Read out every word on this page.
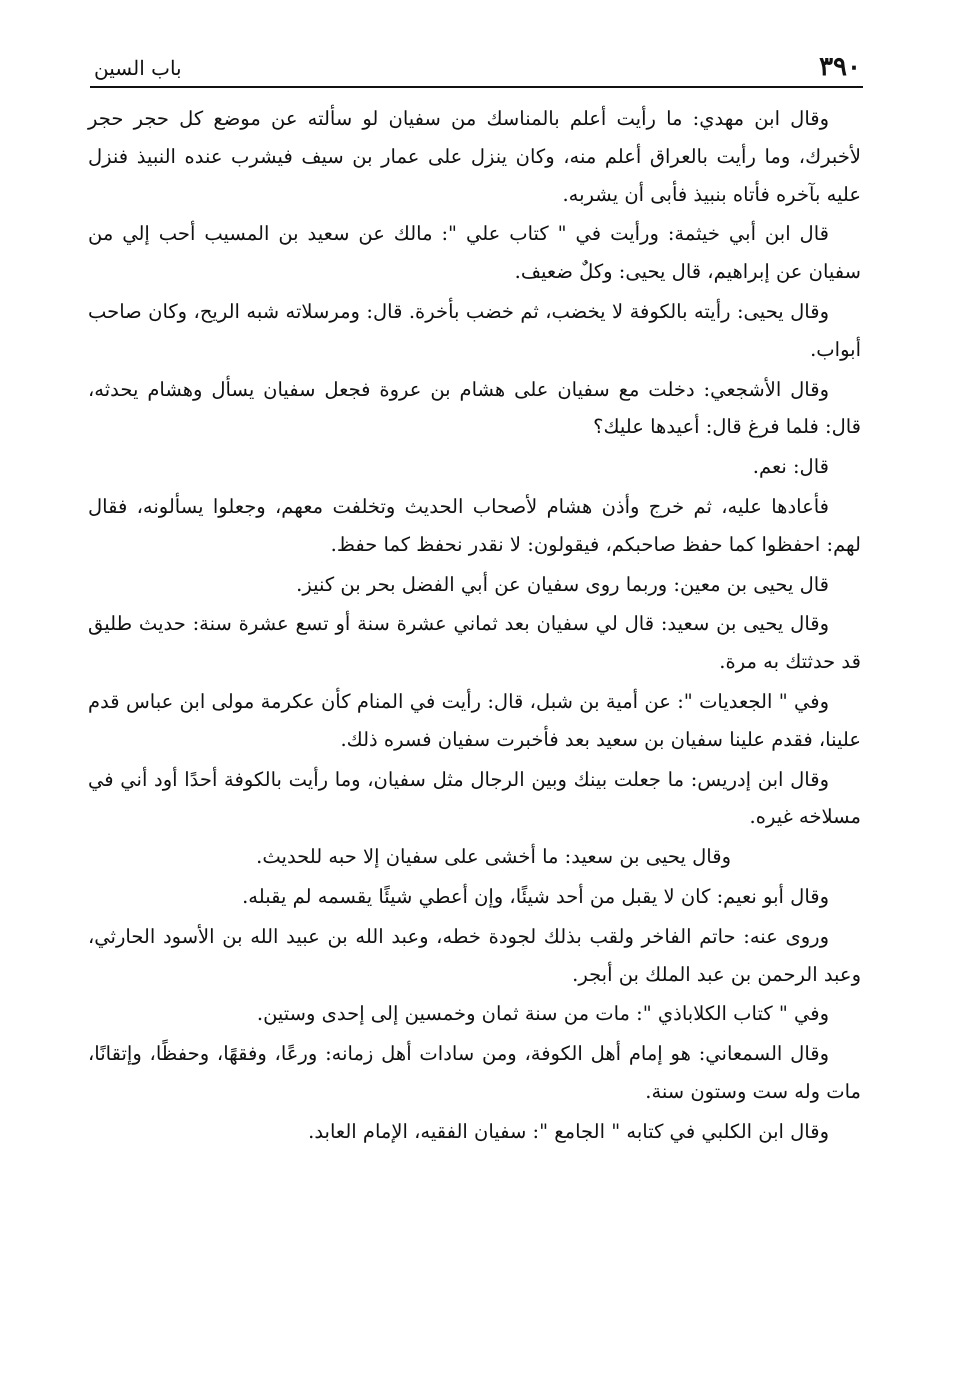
٣٩٠
باب السين

وقال ابن مهدي: ما رأيت أعلم بالمناسك من سفيان لو سألته عن موضع كل حجر حجر لأخبرك، وما رأيت بالعراق أعلم منه، وكان ينزل على عمار بن سيف فيشرب عنده النبيذ فنزل عليه بآخره فأتاه بنبيذ فأبى أن يشربه.

قال ابن أبي خيثمة: ورأيت في " كتاب علي ": مالك عن سعيد بن المسيب أحب إلي من سفيان عن إبراهيم، قال يحيى: وكلٌ ضعيف.

وقال يحيى: رأيته بالكوفة لا يخضب، ثم خضب بأخرة. قال: ومرسلاته شبه الريح، وكان صاحب أبواب.

وقال الأشجعي: دخلت مع سفيان على هشام بن عروة فجعل سفيان يسأل وهشام يحدثه، قال: فلما فرغ قال: أعيدها عليك؟

قال: نعم.

فأعادها عليه، ثم خرج وأذن هشام لأصحاب الحديث وتخلفت معهم، وجعلوا يسألونه، فقال لهم: احفظوا كما حفظ صاحبكم، فيقولون: لا نقدر نحفظ كما حفظ.

قال يحيى بن معين: وربما روى سفيان عن أبي الفضل بحر بن كنيز.

وقال يحيى بن سعيد: قال لي سفيان بعد ثماني عشرة سنة أو تسع عشرة سنة: حديث طليق قد حدثتك به مرة.

وفي " الجعديات ": عن أمية بن شبل، قال: رأيت في المنام كأن عكرمة مولى ابن عباس قدم علينا، فقدم علينا سفيان بن سعيد بعد فأخبرت سفيان فسره ذلك.

وقال ابن إدريس: ما جعلت بينك وبين الرجال مثل سفيان، وما رأيت بالكوفة أحدًا أود أني في مسلاخه غيره.

وقال يحيى بن سعيد: ما أخشى على سفيان إلا حبه للحديث.

وقال أبو نعيم: كان لا يقبل من أحد شيئًا، وإن أعطي شيئًا يقسمه لم يقبله.

وروى عنه: حاتم الفاخر ولقب بذلك لجودة خطه، وعبد الله بن عبيد الله بن الأسود الحارثي، وعبد الرحمن بن عبد الملك بن أبجر.

وفي " كتاب الكلاباذي ": مات من سنة ثمان وخمسين إلى إحدى وستين.

وقال السمعاني: هو إمام أهل الكوفة، ومن سادات أهل زمانه: ورعًا، وفقهًا، وحفظًا، وإتقانًا، مات وله ست وستون سنة.

وقال ابن الكلبي في كتابه " الجامع ": سفيان الفقيه، الإمام العابد.
